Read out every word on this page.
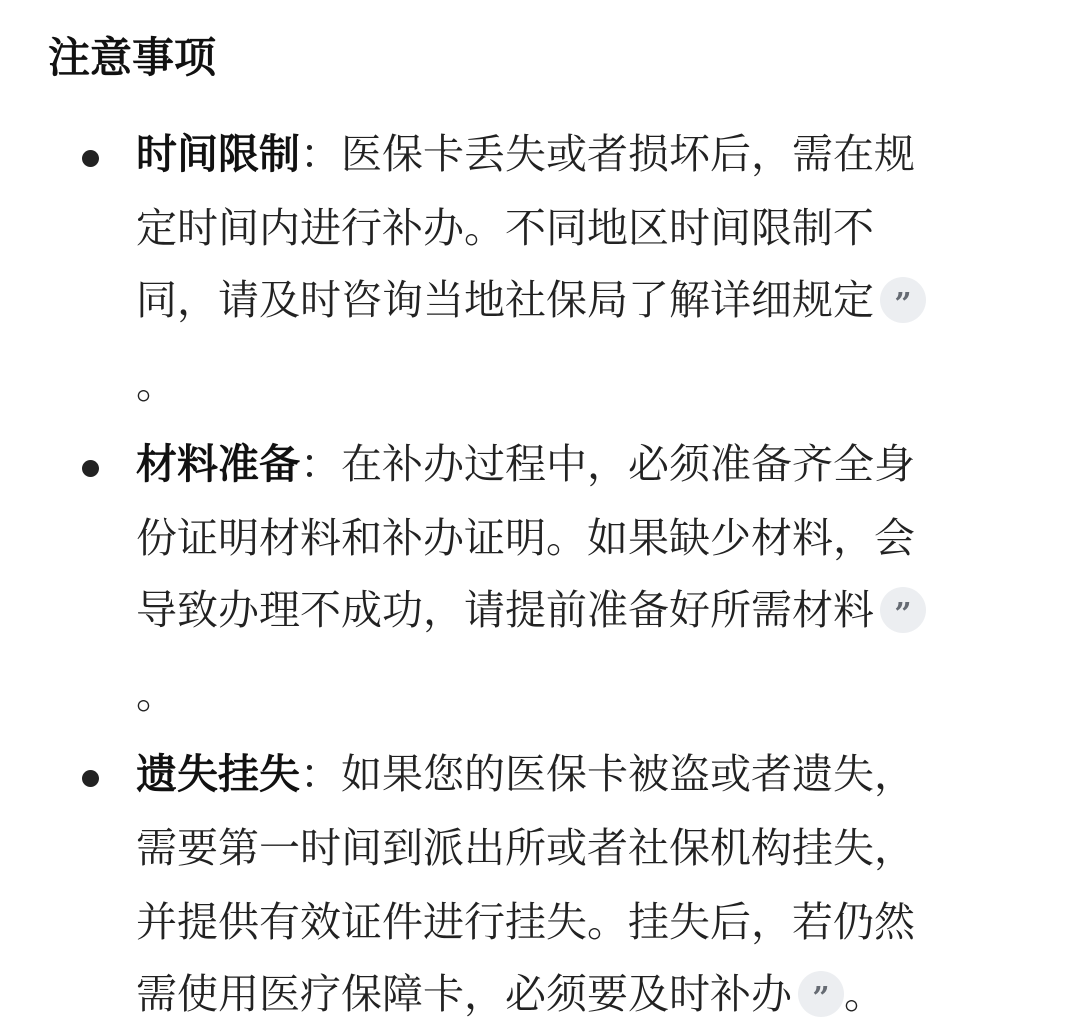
注意事项
时间限制：医保卡丢失或者损坏后，需在规
定时间内进行补办。不同地区时间限制不
同，请及时咨询当地社保局了解详细规定 ”
。
材料准备：在补办过程中，必须准备齐全身
份证明材料和补办证明。如果缺少材料，会
导致办理不成功，请提前准备好所需材料 ”
。
遗失挂失：如果您的医保卡被盗或者遗失，
需要第一时间到派出所或者社保机构挂失，
并提供有效证件进行挂失。挂失后，若仍然
需使用医疗保障卡，必须要及时补办 ” 。
